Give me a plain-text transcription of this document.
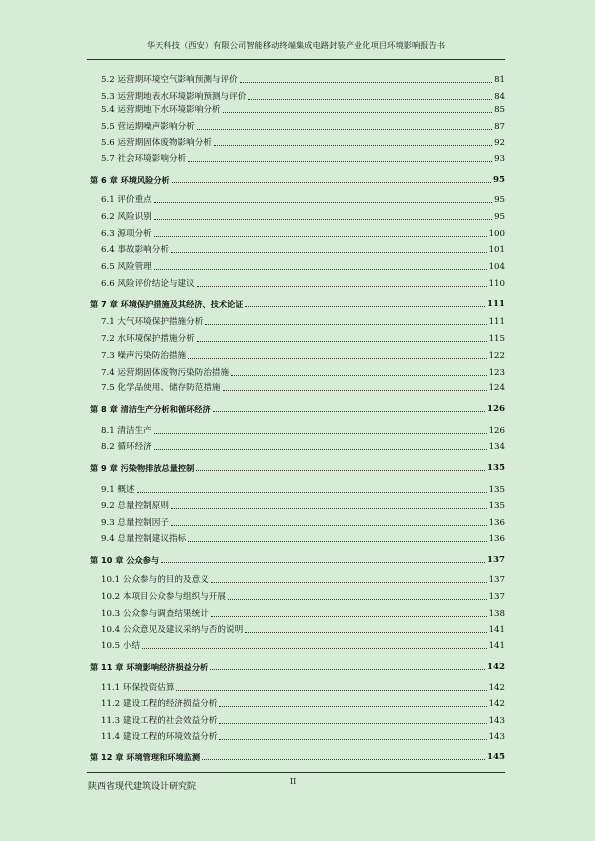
华天科技（西安）有限公司智能移动终端集成电路封装产业化项目环境影响报告书
5.2 运营期环境空气影响预测与评价	81
5.3 运营期地表水环境影响预测与评价	84
5.4 运营期地下水环境影响分析	85
5.5 营运期噪声影响分析	87
5.6 运营期固体废物影响分析	92
5.7 社会环境影响分析	93
第 6 章 环境风险分析	95
6.1 评价重点	95
6.2 风险识别	95
6.3 源项分析	100
6.4 事故影响分析	101
6.5 风险管理	104
6.6 风险评价结论与建议	110
第 7 章 环境保护措施及其经济、技术论证	111
7.1 大气环境保护措施分析	111
7.2 水环境保护措施分析	115
7.3 噪声污染防治措施	122
7.4 运营期固体废物污染防治措施	123
7.5 化学品使用、储存防范措施	124
第 8 章 清洁生产分析和循环经济	126
8.1 清洁生产	126
8.2 循环经济	134
第 9 章 污染物排放总量控制	135
9.1 概述	135
9.2 总量控制原则	135
9.3 总量控制因子	136
9.4 总量控制建议指标	136
第 10 章 公众参与	137
10.1 公众参与的目的及意义	137
10.2 本项目公众参与组织与开展	137
10.3 公众参与调查结果统计	138
10.4 公众意见及建议采纳与否的说明	141
10.5 小结	141
第 11 章 环境影响经济损益分析	142
11.1 环保投资估算	142
11.2 建设工程的经济损益分析	142
11.3 建设工程的社会效益分析	143
11.4 建设工程的环境效益分析	143
第 12 章 环境管理和环境监测	145
陕西省现代建筑设计研究院
II
